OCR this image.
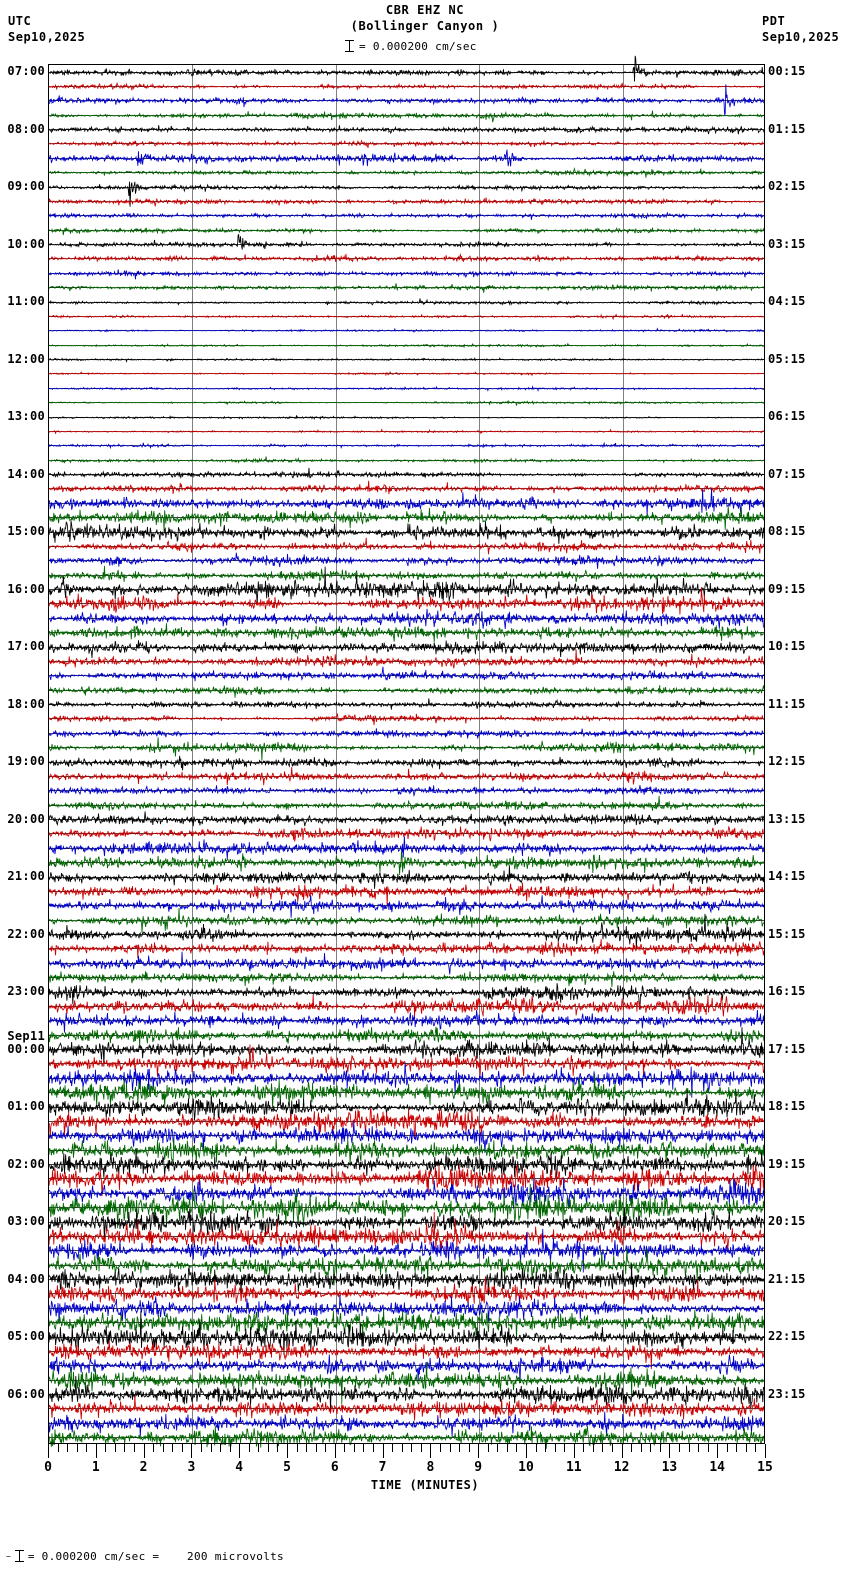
UTC
Sep10,2025
PDT
Sep10,2025
CBR EHZ NC
(Bollinger Canyon )
= 0.000200 cm/sec
07:00
08:00
09:00
10:00
11:00
12:00
13:00
14:00
15:00
16:00
17:00
18:00
19:00
20:00
21:00
22:00
23:00
Sep11
00:00
01:00
02:00
03:00
04:00
05:00
06:00
00:15
01:15
02:15
03:15
04:15
05:15
06:15
07:15
08:15
09:15
10:15
11:15
12:15
13:15
14:15
15:15
16:15
17:15
18:15
19:15
20:15
21:15
22:15
23:15
0	1	2	3	4	5	6	7	8	9	10 11 12 13 14 15
TIME (MINUTES)
~ = 0.000200 cm/sec =    200 microvolts
